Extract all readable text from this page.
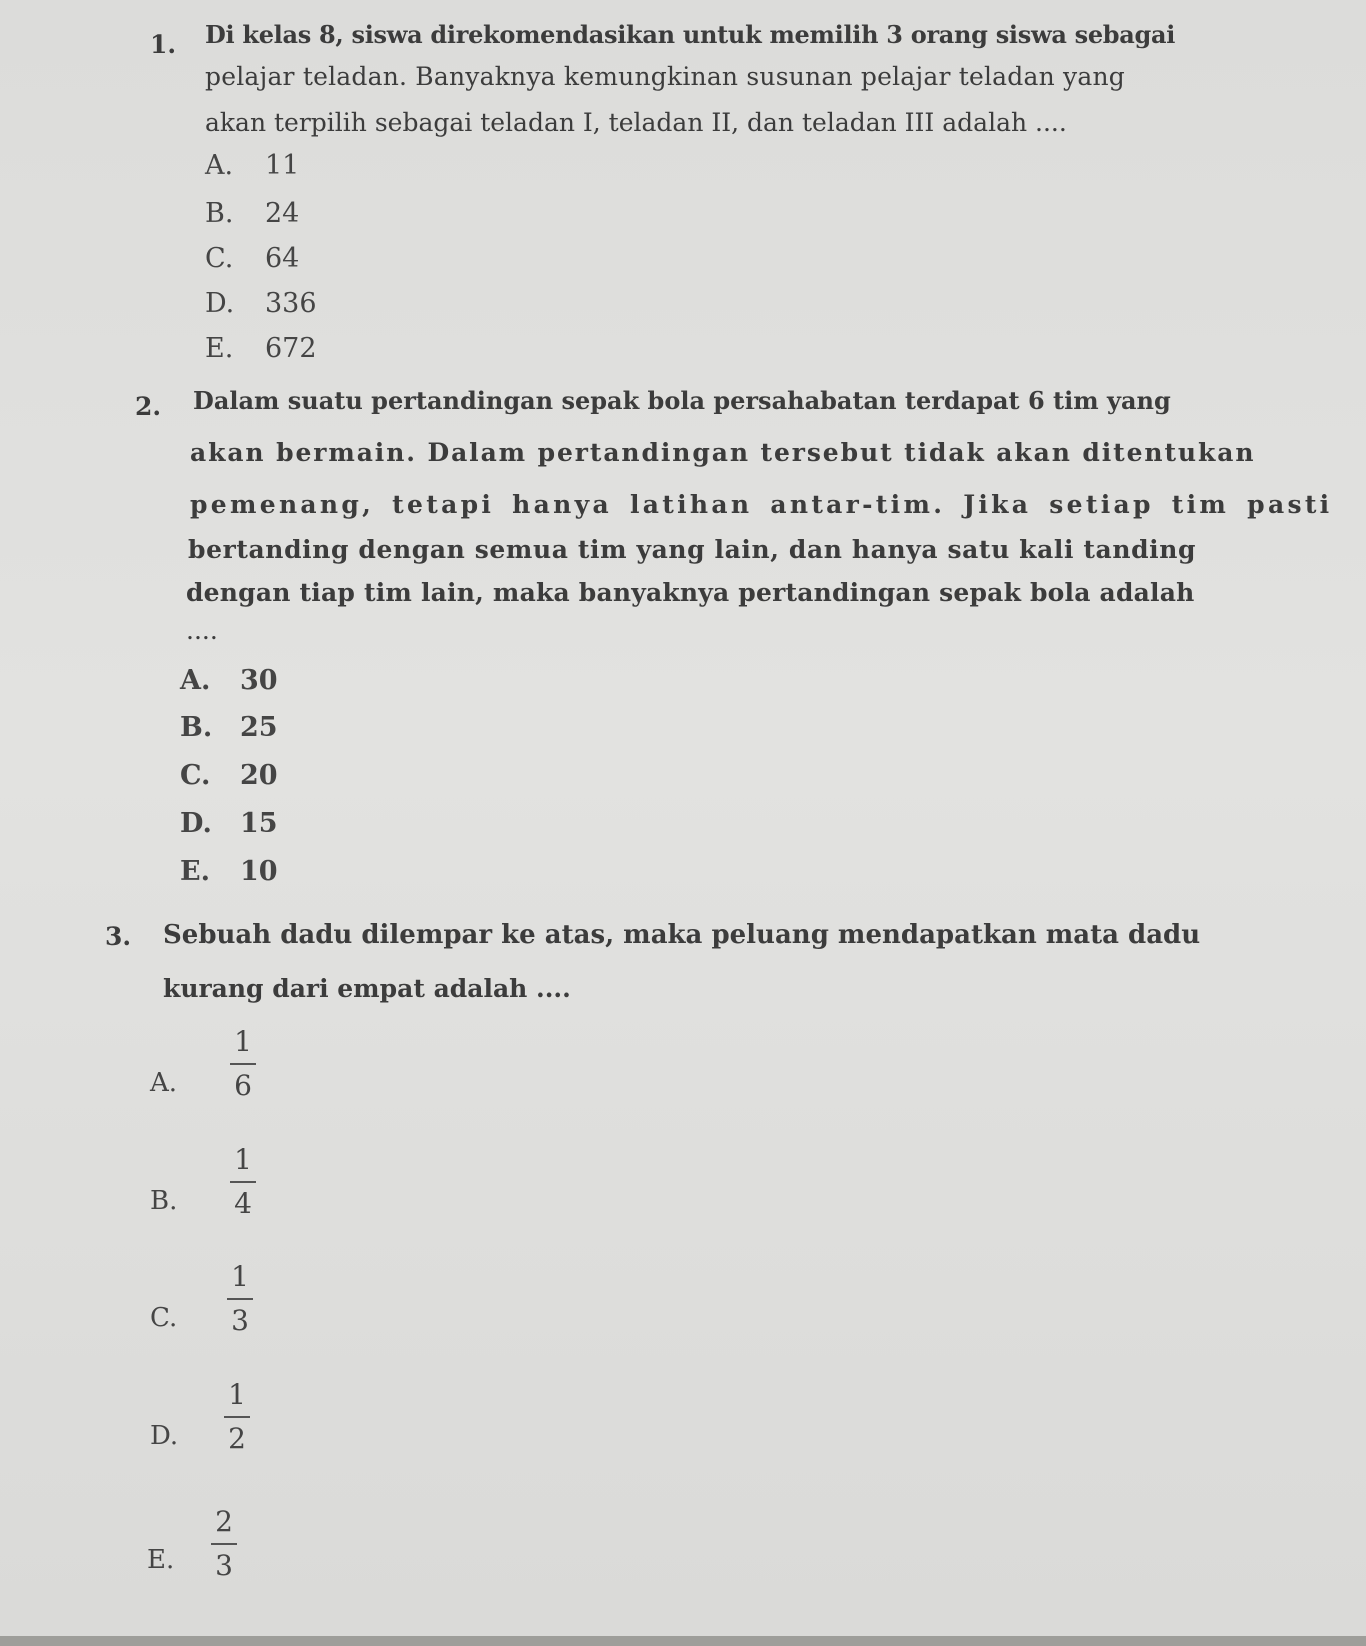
1. Di kelas 8, siswa direkomendasikan untuk memilih 3 orang siswa sebagai
pelajar teladan. Banyaknya kemungkinan susunan pelajar teladan yang
akan terpilih sebagai teladan I, teladan II, dan teladan III adalah ....
A. 11
B. 24
C. 64
D. 336
E. 672
2. Dalam suatu pertandingan sepak bola persahabatan terdapat 6 tim yang
akan bermain. Dalam pertandingan tersebut tidak akan ditentukan
pemenang, tetapi hanya latihan antar-tim. Jika setiap tim pasti
bertanding dengan semua tim yang lain, dan hanya satu kali tanding
dengan tiap tim lain, maka banyaknya pertandingan sepak bola adalah
....
A. 30
B. 25
C. 20
D. 15
E. 10
3. Sebuah dadu dilempar ke atas, maka peluang mendapatkan mata dadu
kurang dari empat adalah ....
A.
1
6
B.
1
4
C.
1
3
D.
1
2
E.
2
3
